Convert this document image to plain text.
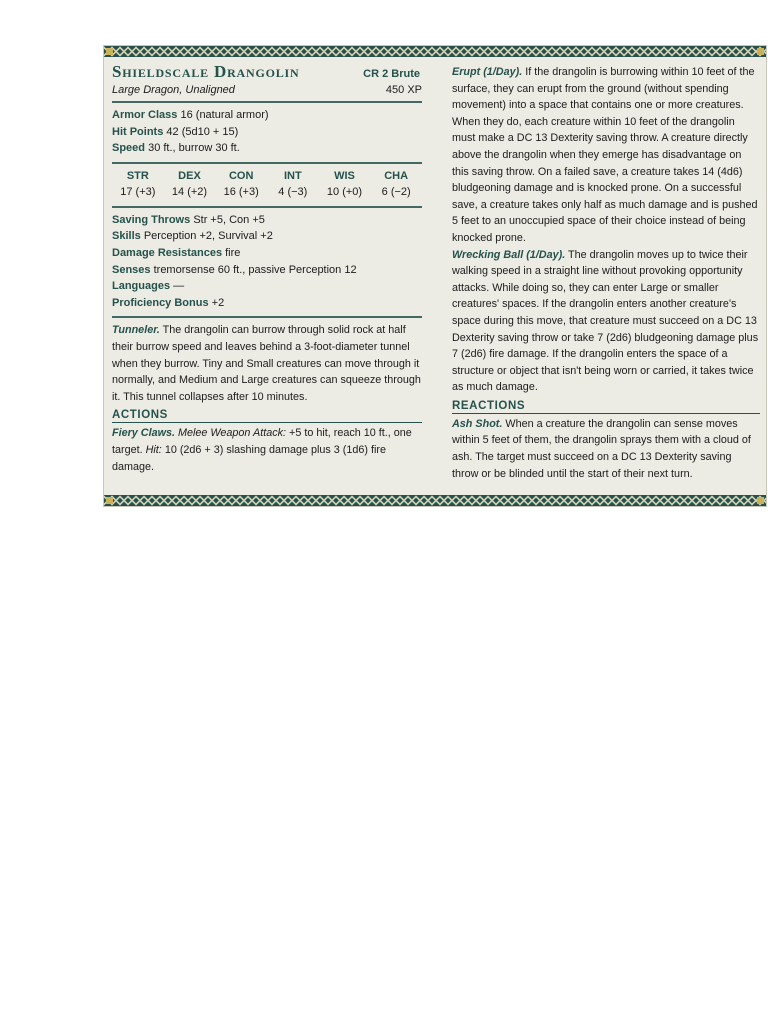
Shieldscale Drangolin	CR 2 Brute
Large Dragon, Unaligned	450 XP
Armor Class 16 (natural armor)
Hit Points 42 (5d10 + 15)
Speed 30 ft., burrow 30 ft.
STR	DEX	CON	INT	WIS	CHA
17 (+3)	14 (+2)	16 (+3)	4 (−3)	10 (+0)	6 (−2)
Saving Throws Str +5, Con +5
Skills Perception +2, Survival +2
Damage Resistances fire
Senses tremorsense 60 ft., passive Perception 12
Languages —
Proficiency Bonus +2

Tunneler. The drangolin can burrow through solid rock at half their burrow speed and leaves behind a 3-foot-diameter tunnel when they burrow. Tiny and Small creatures can move through it normally, and Medium and Large creatures can squeeze through it. This tunnel collapses after 10 minutes.

ACTIONS

Fiery Claws. Melee Weapon Attack: +5 to hit, reach 10 ft., one target. Hit: 10 (2d6 + 3) slashing damage plus 3 (1d6) fire damage.

Erupt (1/Day). If the drangolin is burrowing within 10 feet of the surface, they can erupt from the ground (without spending movement) into a space that contains one or more creatures. When they do, each creature within 10 feet of the drangolin must make a DC 13 Dexterity saving throw. A creature directly above the drangolin when they emerge has disadvantage on this saving throw. On a failed save, a creature takes 14 (4d6) bludgeoning damage and is knocked prone. On a successful save, a creature takes only half as much damage and is pushed 5 feet to an unoccupied space of their choice instead of being knocked prone.

Wrecking Ball (1/Day). The drangolin moves up to twice their walking speed in a straight line without provoking opportunity attacks. While doing so, they can enter Large or smaller creatures' spaces. If the drangolin enters another creature's space during this move, that creature must succeed on a DC 13 Dexterity saving throw or take 7 (2d6) bludgeoning damage plus 7 (2d6) fire damage. If the drangolin enters the space of a structure or object that isn't being worn or carried, it takes twice as much damage.

REACTIONS

Ash Shot. When a creature the drangolin can sense moves within 5 feet of them, the drangolin sprays them with a cloud of ash. The target must succeed on a DC 13 Dexterity saving throw or be blinded until the start of their next turn.
